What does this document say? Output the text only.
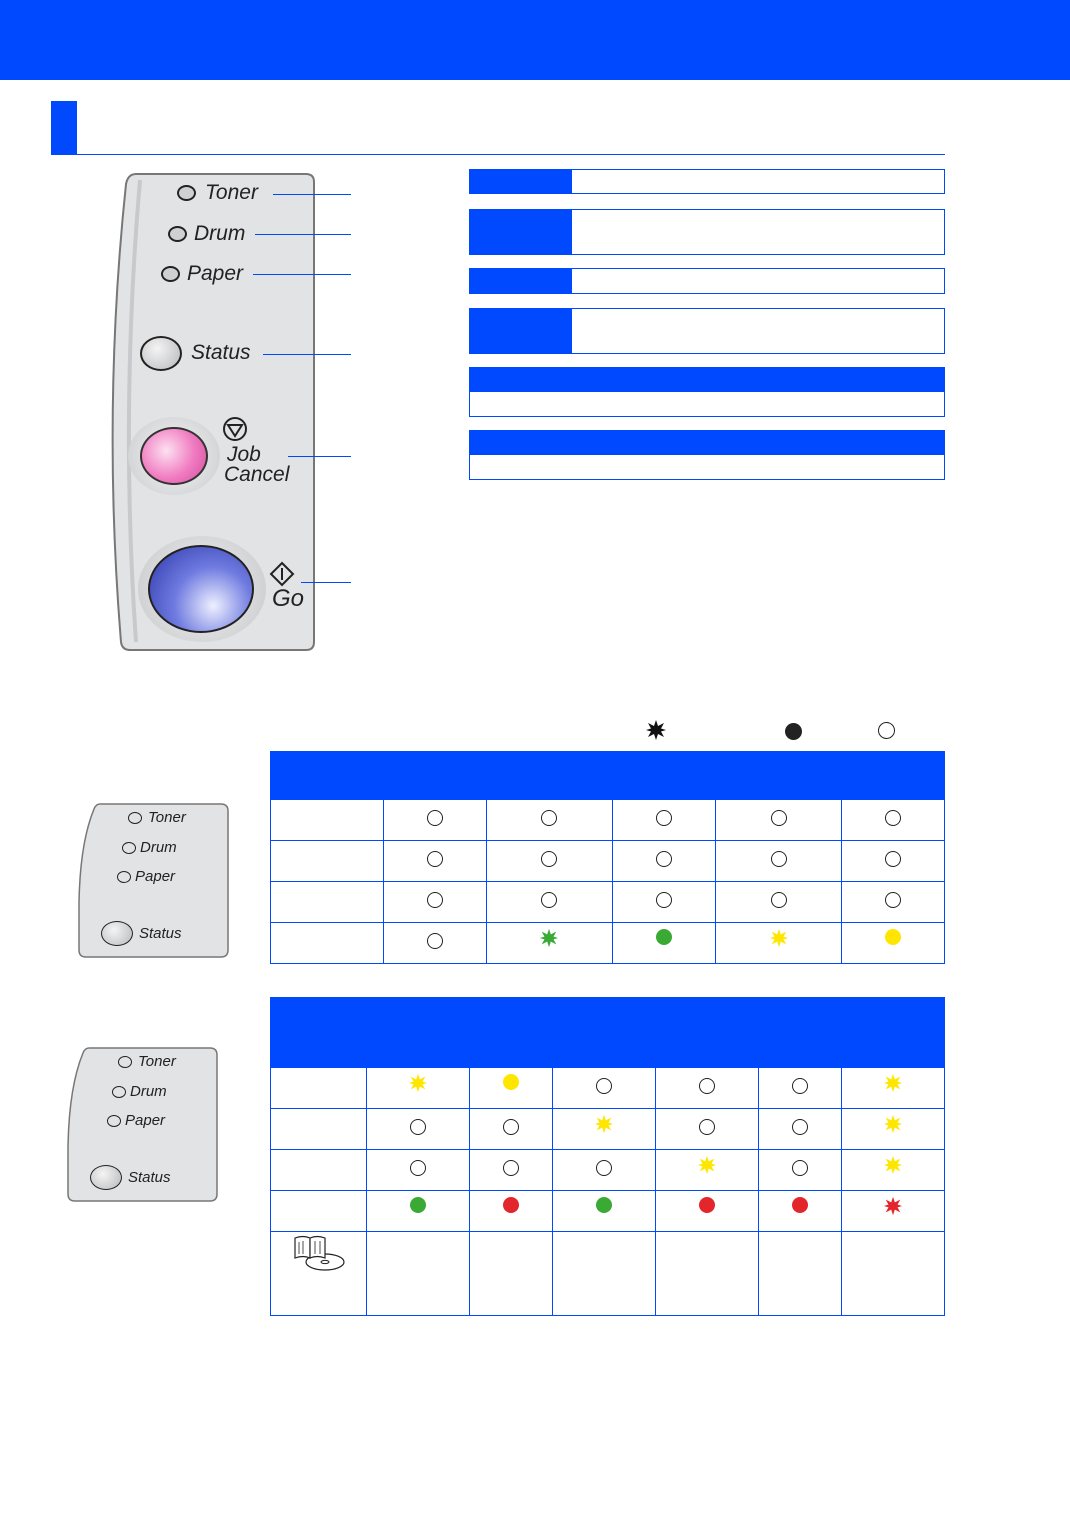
Toner
Drum
Paper
Status
Job
Cancel
Go
Toner
Drum
Paper
Status

Toner
Drum
Paper
Status
